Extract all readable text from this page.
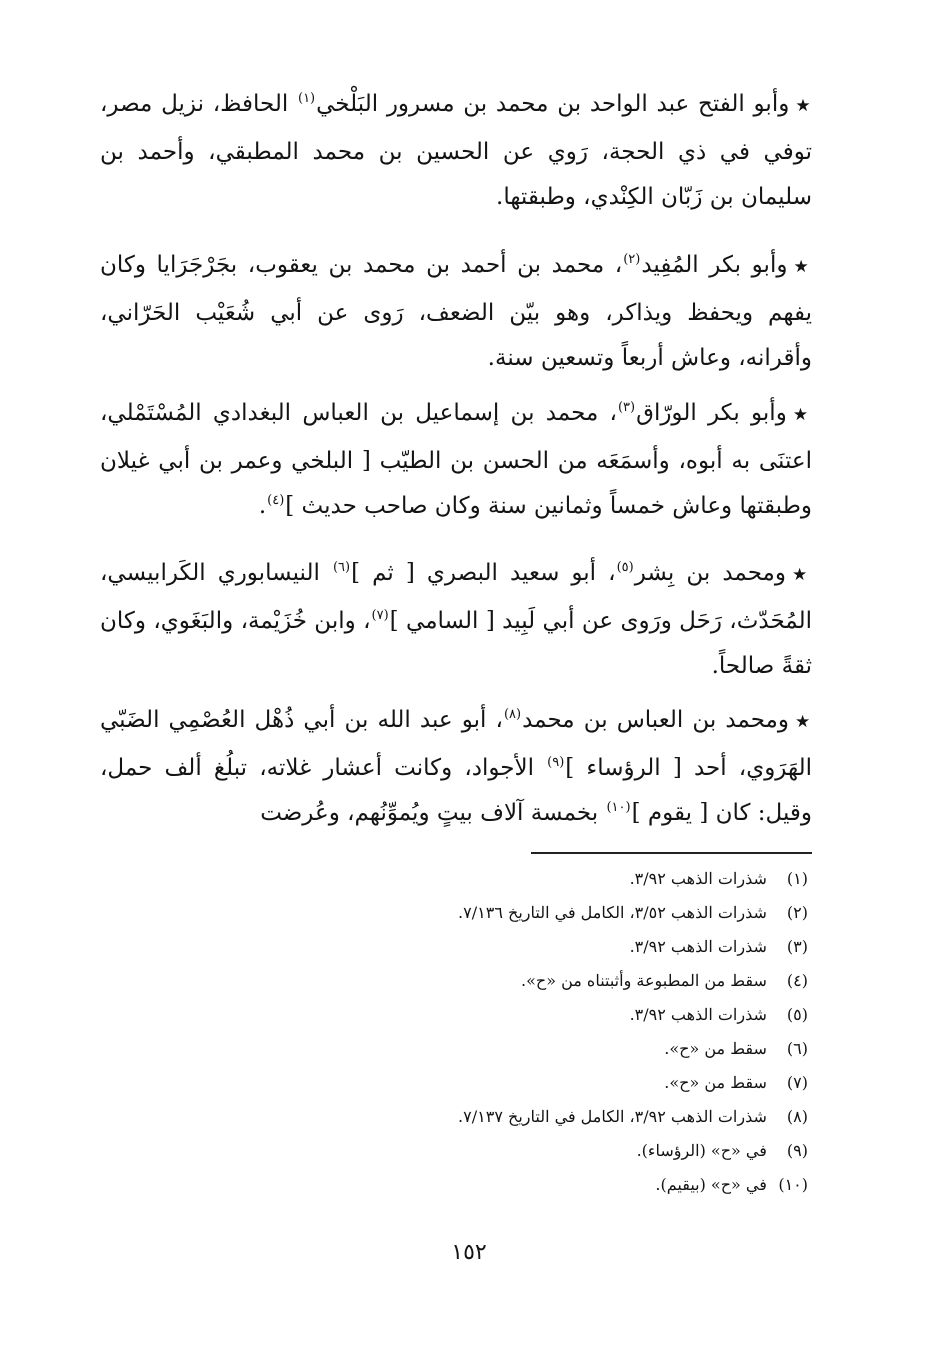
★وأبو الفتح عبد الواحد بن محمد بن مسرور البَلْخي$^{(١)}$ الحافظ، نزيل مصر، توفي في ذي الحجة، رَوي عن الحسين بن محمد المطبقي، وأحمد بن سليمان بن زَبّان الكِنْدي، وطبقتها.

★وأبو بكر المُفِيد$^{(٢)}$، محمد بن أحمد بن محمد بن يعقوب، بجَرْجَرَايا وكان يفهم ويحفظ ويذاكر، وهو بيّن الضعف، رَوى عن أبي شُعَيْب الحَرّاني، وأقرانه، وعاش أربعاً وتسعين سنة.

★وأبو بكر الورّاق$^{(٣)}$، محمد بن إسماعيل بن العباس البغدادي المُسْتَمْلي، اعتنَى به أبوه، وأسمَعَه من الحسن بن الطيّب [ البلخي وعمر بن أبي غيلان وطبقتها وعاش خمساً وثمانين سنة وكان صاحب حديث ]$^{(٤)}$.

★ومحمد بن بِشر$^{(٥)}$، أبو سعيد البصري [ ثم ]$^{(٦)}$ النيسابوري الكَرابيسي، المُحَدّث، رَحَل ورَوى عن أبي لَبِيد [ السامي ]$^{(٧)}$، وابن خُزَيْمة، والبَغَوي، وكان ثقةً صالحاً.

★ومحمد بن العباس بن محمد$^{(٨)}$، أبو عبد الله بن أبي ذُهْل العُصْمِي الضَبّي الهَرَوي، أحد [ الرؤساء ]$^{(٩)}$ الأجواد، وكانت أعشار غلاته، تبلُغ ألف حمل، وقيل: كان [ يقوم ]$^{(١٠)}$ بخمسة آلاف بيتٍ ويُموِّنُهم، وعُرضت

(١) شذرات الذهب ٣/٩٢.
(٢) شذرات الذهب ٣/٥٢، الكامل في التاريخ ٧/١٣٦.
(٣) شذرات الذهب ٣/٩٢.
(٤) سقط من المطبوعة وأثبتناه من «ح».
(٥) شذرات الذهب ٣/٩٢.
(٦) سقط من «ح».
(٧) سقط من «ح».
(٨) شذرات الذهب ٣/٩٢، الكامل في التاريخ ٧/١٣٧.
(٩) في «ح» (الرؤساء).
(١٠) في «ح» (بيقيم).
١٥٢
